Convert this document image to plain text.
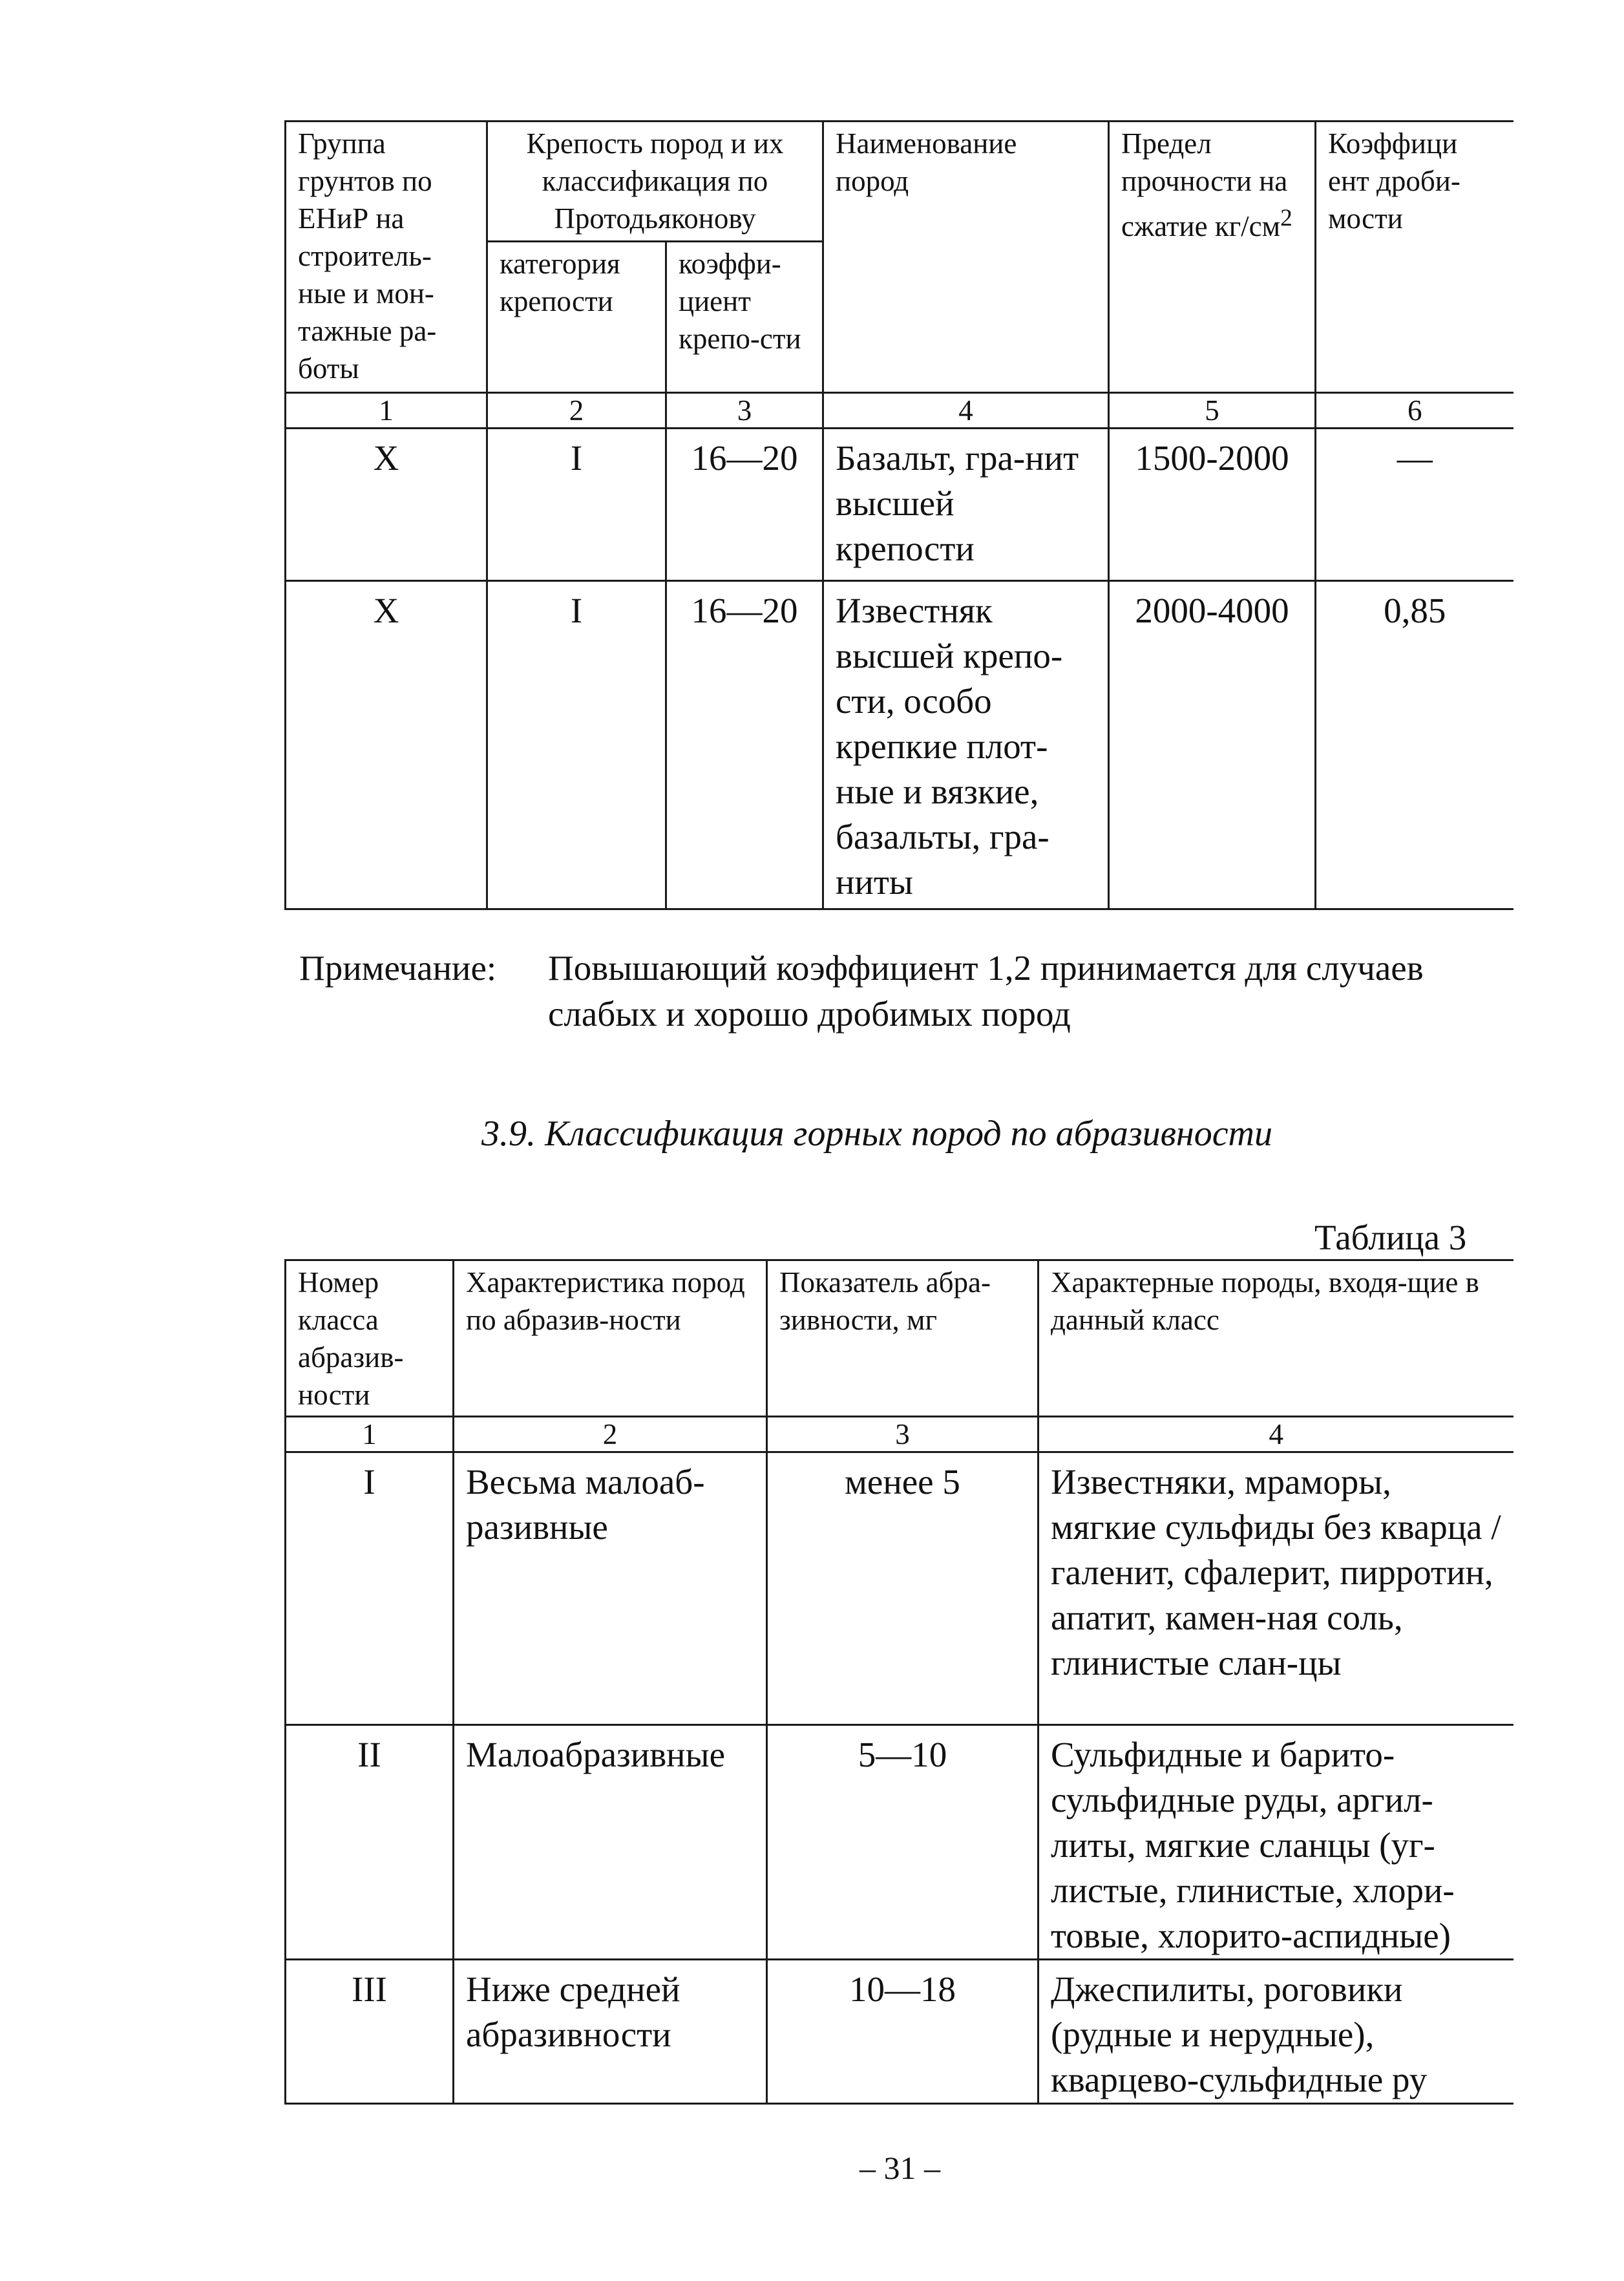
Группа грунтов по ЕНиР на строитель-ные и мон-тажные ра-боты	Крепость пород и их классификация по Протодьяконову		Наименование пород	Предел прочности на сжатие $кг/см^2$	Коэффици ент дроби-мости
	категория крепости	коэффи-циент крепо-сти			
1	2	3	4	5	6
X	I	16—20	Базальт, гра-нит высшей крепости	1500-2000	—
X	I	16—20	Известняк высшей крепо-сти, особо крепкие плот-ные и вязкие, базальты, гра-ниты	2000-4000	0,85
Примечание: Повышающий коэффициент 1,2 принимается для случаев слабых и хорошо дробимых пород
3.9. Классификация горных пород по абразивности
Таблица 3
Номер класса абразив-ности	Характеристика пород по абразив-ности	Показатель абра-зивности, мг	Характерные породы, входя-щие в данный класс
1	2	3	4
I	Весьма малоаб-разивные	менее 5	Известняки, мраморы, мягкие сульфиды без кварца /галенит, сфалерит, пирротин, апатит, камен-ная соль, глинистые слан-цы
II	Малоабразивные	5—10	Сульфидные и барито-сульфидные руды, аргил-литы, мягкие сланцы (уг-листые, глинистые, хлори-товые, хлорито-аспидные)
III	Ниже средней абразивности	10—18	Джеспилиты, роговики (рудные и нерудные), кварцево-сульфидные ру
– 31 –
